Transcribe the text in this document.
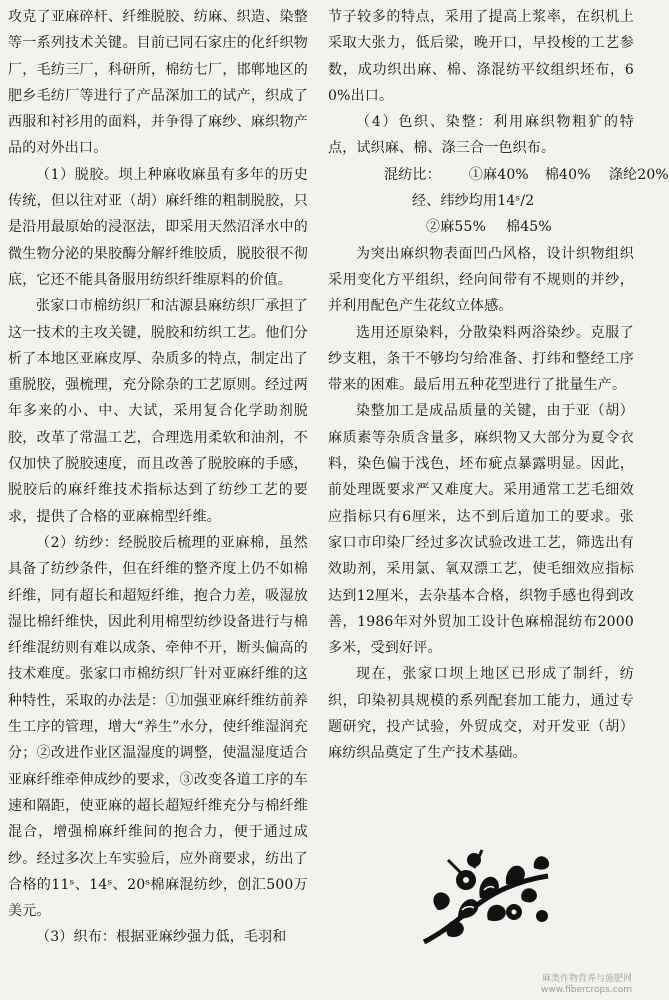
攻克了亚麻碎杆、纤维脱胶、纺麻、织造、染整等一系列技术关键。目前已同石家庄的化纤织物厂，毛纺三厂，科研所，棉纺七厂，邯郸地区的肥乡毛纺厂等进行了产品深加工的试产，织成了西服和衬衫用的面料，并争得了麻纱、麻织物产品的对外出口。

（1）脱胶。坝上种麻收麻虽有多年的历史传统，但以往对亚（胡）麻纤维的粗制脱胶，只是沿用最原始的浸沤法，即采用天然沼泽水中的微生物分泌的果胶酶分解纤维胶质，脱胶很不彻底，它还不能具备服用纺织纤维原料的价值。

张家口市棉纺织厂和沽源县麻纺织厂承担了这一技术的主攻关键，脱胶和纺织工艺。他们分析了本地区亚麻皮厚、杂质多的特点，制定出了重脱胶，强梳理，充分除杂的工艺原则。经过两年多来的小、中、大试，采用复合化学助剂脱胶，改革了常温工艺，合理选用柔软和油剂，不仅加快了脱胶速度，而且改善了脱胶麻的手感，脱胶后的麻纤维技术指标达到了纺纱工艺的要求，提供了合格的亚麻棉型纤维。

（2）纺纱：经脱胶后梳理的亚麻棉，虽然具备了纺纱条件，但在纤维的整齐度上仍不如棉纤维，同有超长和超短纤维，抱合力差，吸湿放湿比棉纤维快，因此利用棉型纺纱设备进行与棉纤维混纺则有难以成条、牵伸不开，断头偏高的技术难度。张家口市棉纺织厂针对亚麻纤维的这种特性，采取的办法是：①加强亚麻纤维纺前养生工序的管理，增大“养生”水分，使纤维湿润充分；②改进作业区温湿度的调整，使温湿度适合亚麻纤维牵伸成纱的要求，③改变各道工序的车速和隔距，使亚麻的超长超短纤维充分与棉纤维混合，增强棉麻纤维间的抱合力，便于通过成纱。经过多次上车实验后，应外商要求，纺出了合格的11ˢ、14ˢ、20ˢ棉麻混纺纱，创汇500万美元。

（3）织布：根据亚麻纱强力低，毛羽和

节子较多的特点，采用了提高上浆率，在织机上采取大张力，低后梁，晚开口，早投梭的工艺参数，成功织出麻、棉、涤混纺平纹组织坯布，60%出口。

（4）色织、染整：利用麻织物粗犷的特点，试织麻、棉、涤三合一色织布。

混纺比： ①麻40% 棉40% 涤纶20%

经、纬纱均用14ˢ/2

②麻55% 棉45%

为突出麻织物表面凹凸风格，设计织物组织采用变化方平组织，经向间带有不规则的并纱，并利用配色产生花纹立体感。

选用还原染料，分散染料两浴染纱。克服了纱支粗，条干不够均匀给准备、打纬和整经工序带来的困难。最后用五种花型进行了批量生产。

染整加工是成品质量的关键，由于亚（胡）麻质素等杂质含量多，麻织物又大部分为夏令衣料，染色偏于浅色，坯布疵点暴露明显。因此，前处理既要求严又难度大。采用通常工艺毛细效应指标只有6厘米，达不到后道加工的要求。张家口市印染厂经过多次试验改进工艺，筛选出有效助剂，采用氯、氧双漂工艺，使毛细效应指标达到12厘米，去杂基本合格，织物手感也得到改善，1986年对外贸加工设计色麻棉混纺布2000多米，受到好评。

现在，张家口坝上地区已形成了制纤，纺织，印染初具规模的系列配套加工能力，通过专题研究，投产试验，外贸成交，对开发亚（胡）麻纺织品奠定了生产技术基础。

麻类作物营养与施肥网
www.fibercrops.com
